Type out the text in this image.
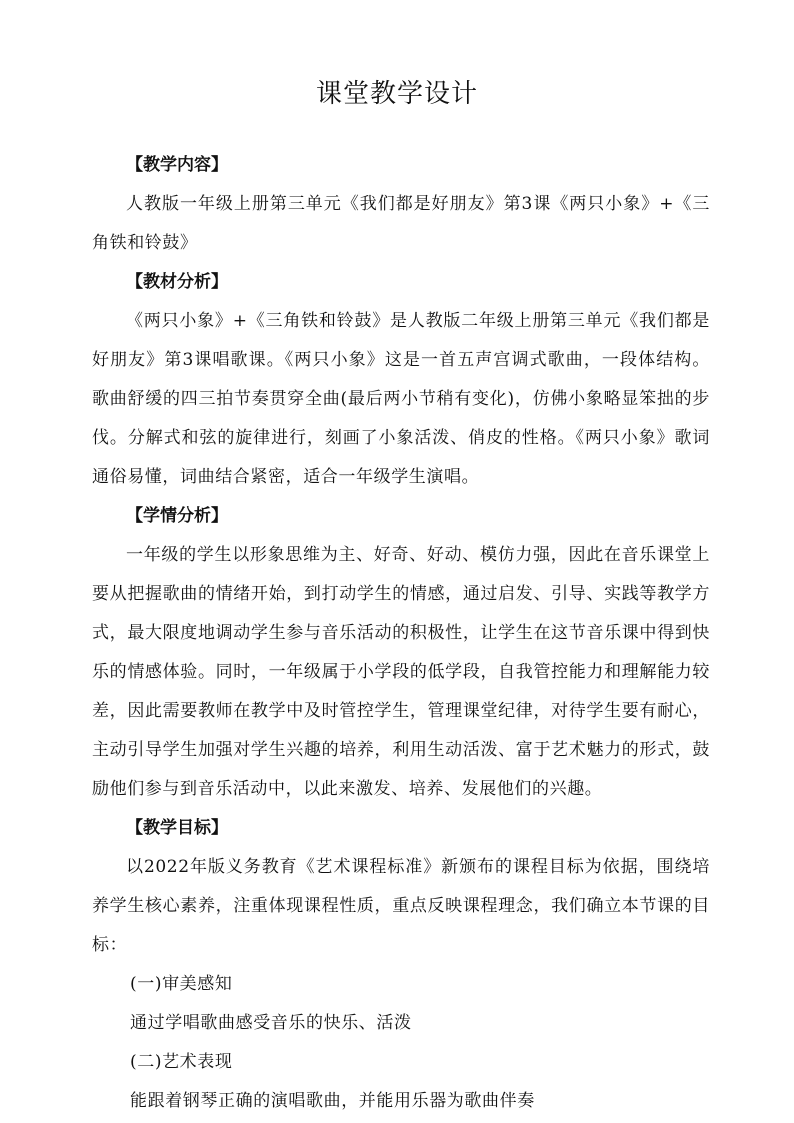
课堂教学设计
【教学内容】

人教版一年级上册第三单元《我们都是好朋友》第3课《两只小象》+《三角铁和铃鼓》

【教材分析】

《两只小象》+《三角铁和铃鼓》是人教版二年级上册第三单元《我们都是好朋友》第3课唱歌课。《两只小象》这是一首五声宫调式歌曲，一段体结构。歌曲舒缓的四三拍节奏贯穿全曲(最后两小节稍有变化)，仿佛小象略显笨拙的步伐。分解式和弦的旋律进行，刻画了小象活泼、俏皮的性格。《两只小象》歌词通俗易懂，词曲结合紧密，适合一年级学生演唱。

【学情分析】

一年级的学生以形象思维为主、好奇、好动、模仿力强，因此在音乐课堂上要从把握歌曲的情绪开始，到打动学生的情感，通过启发、引导、实践等教学方式，最大限度地调动学生参与音乐活动的积极性，让学生在这节音乐课中得到快乐的情感体验。同时，一年级属于小学段的低学段，自我管控能力和理解能力较差，因此需要教师在教学中及时管控学生，管理课堂纪律，对待学生要有耐心，主动引导学生加强对学生兴趣的培养，利用生动活泼、富于艺术魅力的形式，鼓励他们参与到音乐活动中，以此来激发、培养、发展他们的兴趣。

【教学目标】

以2022年版义务教育《艺术课程标准》新颁布的课程目标为依据，围绕培养学生核心素养，注重体现课程性质，重点反映课程理念，我们确立本节课的目标：

(一)审美感知
通过学唱歌曲感受音乐的快乐、活泼
(二)艺术表现
能跟着钢琴正确的演唱歌曲，并能用乐器为歌曲伴奏
